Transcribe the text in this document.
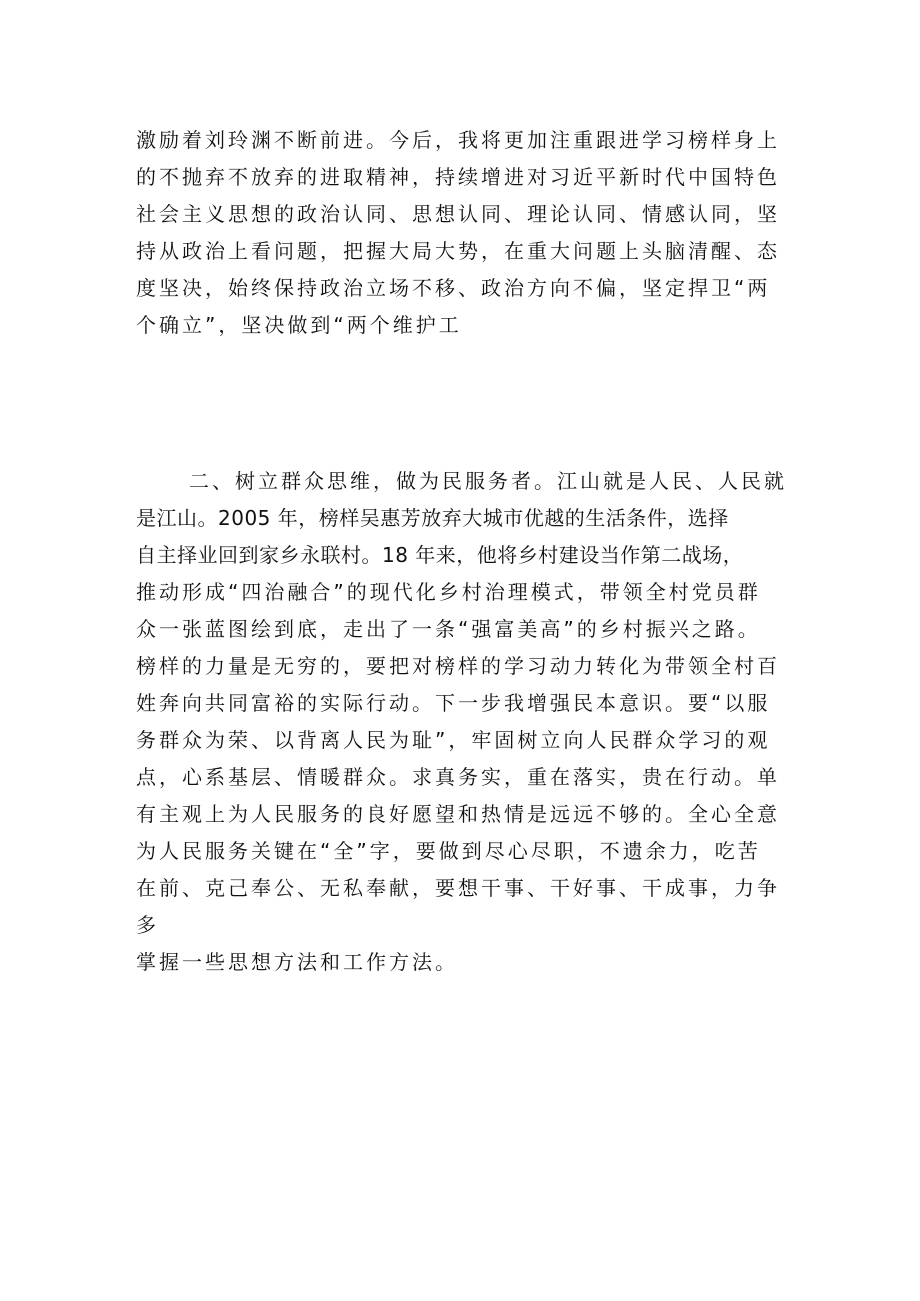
激励着刘玲渊不断前进。今后，我将更加注重跟进学习榜样身上
的不抛弃不放弃的进取精神，持续增进对习近平新时代中国特色
社会主义思想的政治认同、思想认同、理论认同、情感认同，坚
持从政治上看问题，把握大局大势，在重大问题上头脑清醒、态
度坚决，始终保持政治立场不移、政治方向不偏，坚定捍卫“两
个确立”，坚决做到“两个维护工
二、树立群众思维，做为民服务者。江山就是人民、人民就
是江山。2005 年，榜样吴惠芳放弃大城市优越的生活条件，选择
自主择业回到家乡永联村。18 年来，他将乡村建设当作第二战场，
推动形成“四治融合”的现代化乡村治理模式，带领全村党员群
众一张蓝图绘到底，走出了一条“强富美高”的乡村振兴之路。
榜样的力量是无穷的，要把对榜样的学习动力转化为带领全村百
姓奔向共同富裕的实际行动。下一步我增强民本意识。要“以服
务群众为荣、以背离人民为耻”，牢固树立向人民群众学习的观
点，心系基层、情暖群众。求真务实，重在落实，贵在行动。单
有主观上为人民服务的良好愿望和热情是远远不够的。全心全意
为人民服务关键在“全”字，要做到尽心尽职，不遗余力，吃苦
在前、克己奉公、无私奉献，要想干事、干好事、干成事，力争
多
掌握一些思想方法和工作方法。
